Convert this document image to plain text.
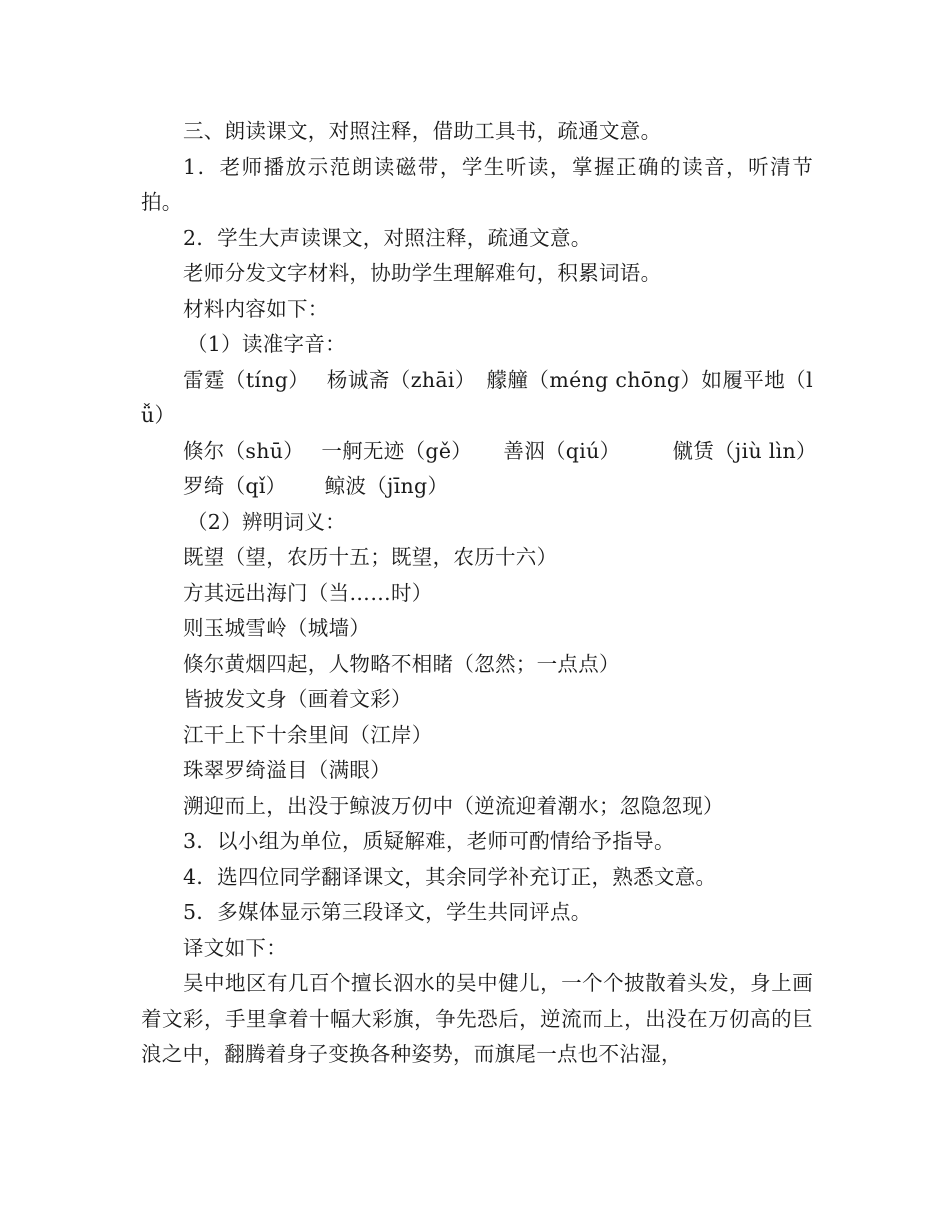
三、朗读课文，对照注释，借助工具书，疏通文意。

1．老师播放示范朗读磁带，学生听读，掌握正确的读音，听清节拍。

2．学生大声读课文，对照注释，疏通文意。

老师分发文字材料，协助学生理解难句，积累词语。

材料内容如下：

（1）读准字音：

雷霆（tíng）　 杨诚斋（zhāi）　艨艟（méng chōng）如履平地（lǚ）

倏尔（shū）　 一舸无迹（gě）　　善泅（qiú）　　　僦赁（jiù lìn）

罗绮（qǐ）　　 鲸波（jīng）

（2）辨明词义：

既望（望，农历十五；既望，农历十六）

方其远出海门（当……时）

则玉城雪岭（城墙）

倏尔黄烟四起，人物略不相睹（忽然；一点点）

皆披发文身（画着文彩）

江干上下十余里间（江岸）

珠翠罗绮溢目（满眼）

溯迎而上，出没于鲸波万仞中（逆流迎着潮水；忽隐忽现）

3．以小组为单位，质疑解难，老师可酌情给予指导。

4．选四位同学翻译课文，其余同学补充订正，熟悉文意。

5．多媒体显示第三段译文，学生共同评点。

译文如下：

吴中地区有几百个擅长泅水的吴中健儿，一个个披散着头发，身上画着文彩，手里拿着十幅大彩旗，争先恐后，逆流而上，出没在万仞高的巨浪之中，翻腾着身子变换各种姿势，而旗尾一点也不沾湿，
